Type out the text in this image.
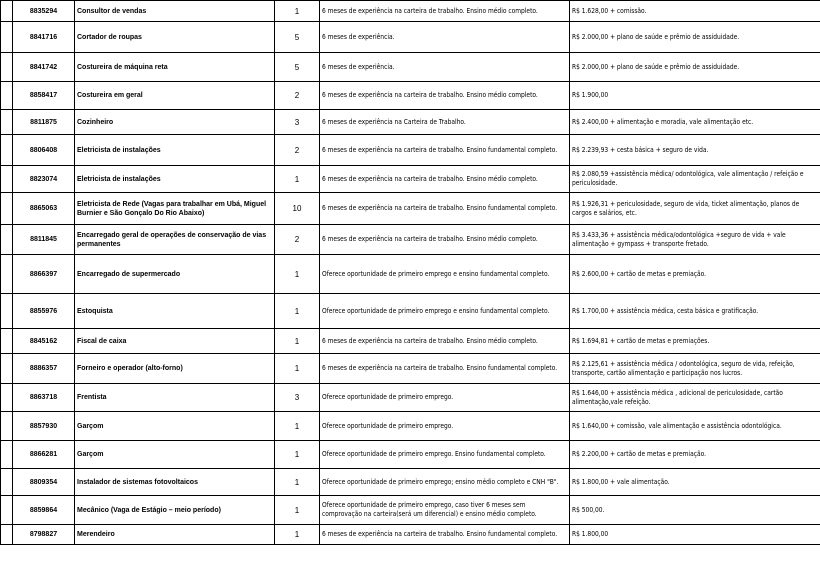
	8835294	Consultor de vendas	1	6 meses de experiência na carteira de trabalho. Ensino médio completo.	R$ 1.628,00 + comissão.
	8841716	Cortador de roupas	5	6 meses de experiência.	R$ 2.000,00 + plano de saúde e prêmio de assiduidade.
	8841742	Costureira de máquina reta	5	6 meses de experiência.	R$ 2.000,00 + plano de saúde e prêmio de assiduidade.
	8858417	Costureira em geral	2	6 meses de experiência na carteira de trabalho. Ensino médio completo.	R$ 1.900,00
	8811875	Cozinheiro	3	6 meses de experiência na Carteira de Trabalho.	R$ 2.400,00 + alimentação e moradia, vale alimentação etc.
	8806408	Eletricista de instalações	2	6 meses de experiência na carteira de trabalho. Ensino fundamental completo.	R$ 2.239,93 + cesta básica + seguro de vida.
	8823074	Eletricista de instalações	1	6 meses de experiência na carteira de trabalho. Ensino médio completo.	R$ 2.080,59 +assistência médica/ odontológica, vale alimentação / refeição e periculosidade.
	8865063	Eletricista de Rede (Vagas para trabalhar em Ubá, Miguel Burnier e São Gonçalo Do Rio Abaixo)	10	6 meses de experiência na carteira de trabalho. Ensino fundamental completo.	R$ 1.926,31 + periculosidade, seguro de vida, ticket alimentação, planos de cargos e salários, etc.
	8811845	Encarregado geral de operações de conservação de vias permanentes	2	6 meses de experiência na carteira de trabalho. Ensino médio completo.	R$ 3.433,36 + assistência médica/odontológica +seguro de vida + vale alimentação + gympass + transporte fretado.
	8866397	Encarregado de supermercado	1	Oferece oportunidade de primeiro emprego e ensino fundamental completo.	R$ 2.600,00 + cartão de metas e premiação.
	8855976	Estoquista	1	Oferece oportunidade de primeiro emprego e ensino fundamental completo.	R$ 1.700,00 + assistência médica, cesta básica e gratificação.
	8845162	Fiscal de caixa	1	6 meses de experiência na carteira de trabalho. Ensino médio completo.	R$ 1.694,81 + cartão de metas e premiações.
	8886357	Forneiro e operador (alto-forno)	1	6 meses de experiência na carteira de trabalho. Ensino fundamental completo.	R$ 2.125,61 + assistência médica / odontológica, seguro de vida, refeição, transporte, cartão alimentação e participação nos lucros.
	8863718	Frentista	3	Oferece oportunidade de primeiro emprego.	R$ 1.646,00 + assistência médica , adicional de periculosidade, cartão alimentação,vale refeição.
	8857930	Garçom	1	Oferece oportunidade de primeiro emprego.	R$ 1.640,00 + comissão, vale alimentação e assistência odontológica.
	8866281	Garçom	1	Oferece oportunidade de primeiro emprego. Ensino fundamental completo.	R$ 2.200,00 + cartão de metas e premiação.
	8809354	Instalador de sistemas fotovoltaicos	1	Oferece oportunidade de primeiro emprego; ensino médio completo e CNH "B".	R$ 1.800,00 + vale alimentação.
	8859864	Mecânico (Vaga de Estágio – meio período)	1	Oferece oportunidade de primeiro emprego, caso tiver 6 meses sem comprovação na carteira(será um diferencial) e ensino médio completo.	R$ 500,00.
	8798827	Merendeiro	1	6 meses de experiência na carteira de trabalho. Ensino fundamental completo.	R$ 1.800,00
